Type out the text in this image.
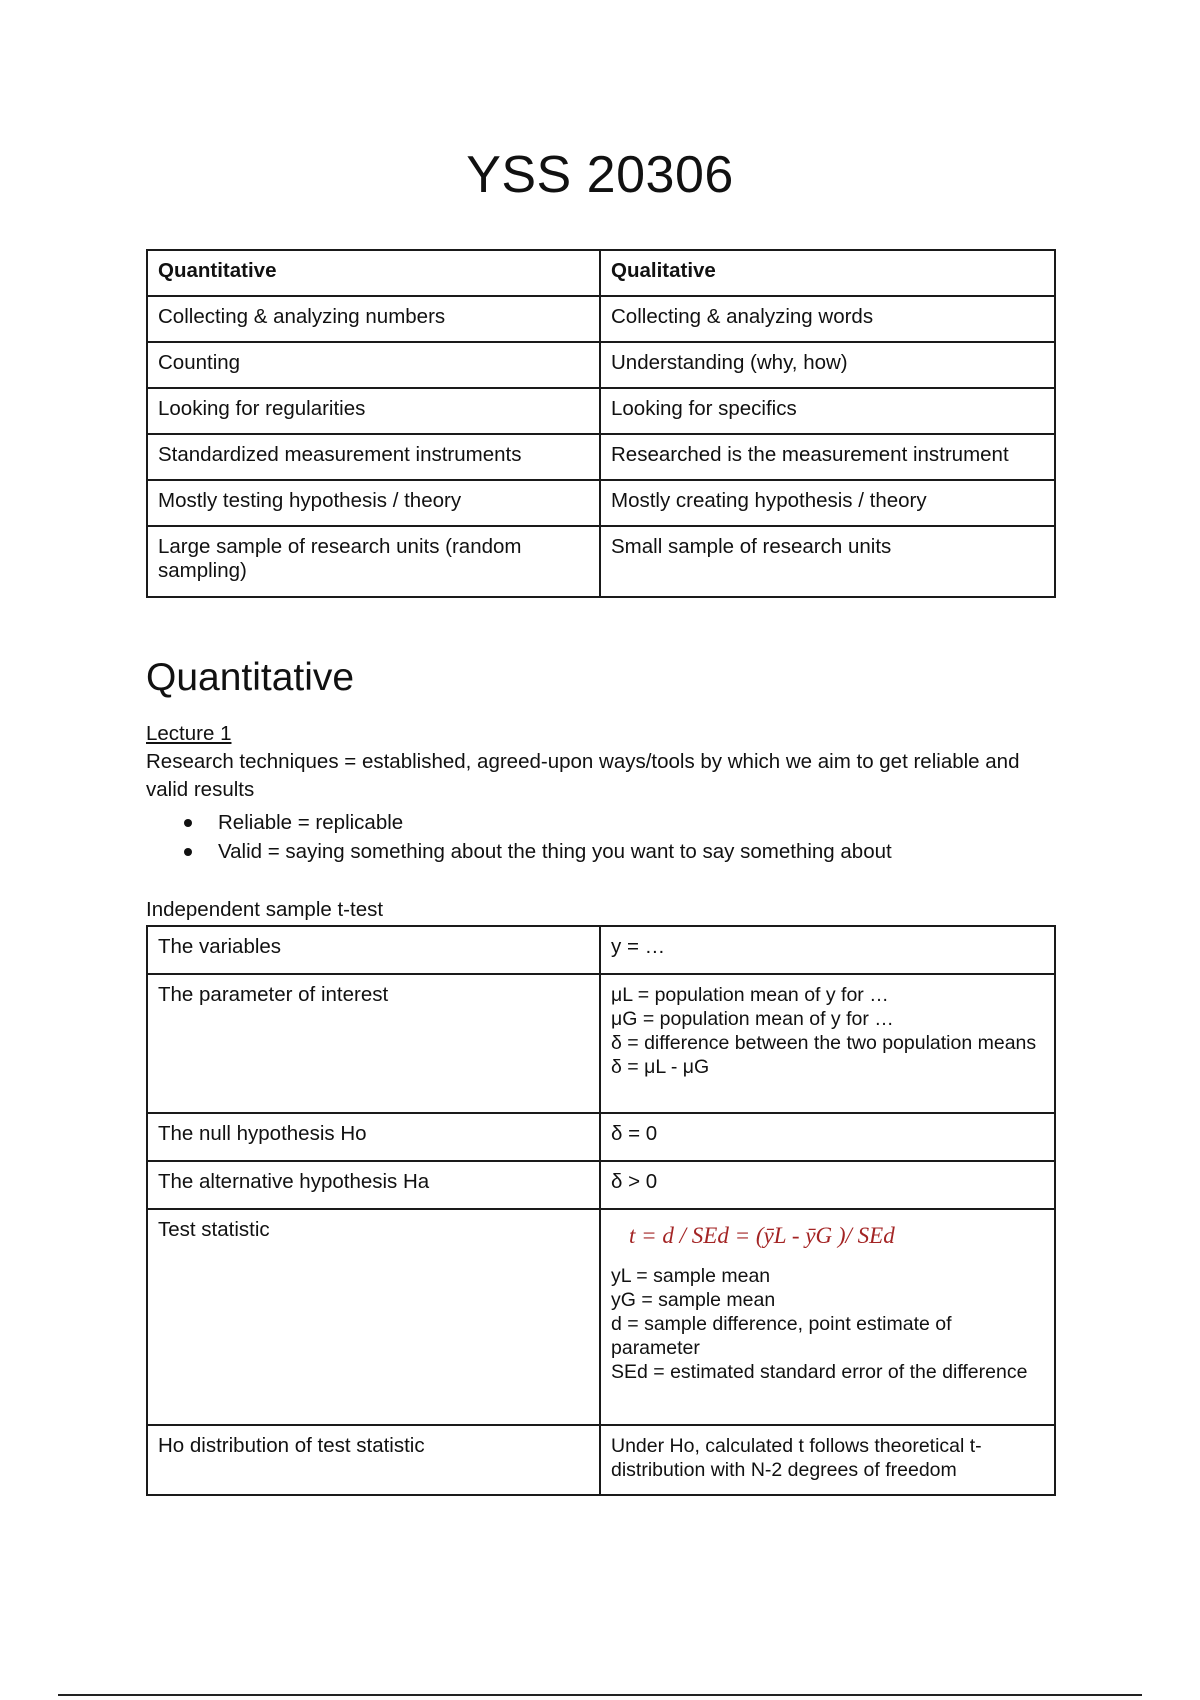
YSS 20306
Quantitative	Qualitative
Collecting & analyzing numbers	Collecting & analyzing words
Counting	Understanding (why, how)
Looking for regularities	Looking for specifics
Standardized measurement instruments	Researched is the measurement instrument
Mostly testing hypothesis / theory	Mostly creating hypothesis / theory
Large sample of research units (random sampling)	Small sample of research units
Quantitative
Lecture 1
Research techniques = established, agreed-upon ways/tools by which we aim to get reliable and valid results
Reliable = replicable
Valid = saying something about the thing you want to say something about
Independent sample t-test
The variables	y = …
The parameter of interest	μL = population mean of y for …
μG = population mean of y for …
δ = difference between the two population means
δ = μL - μG

The null hypothesis Ho	δ = 0
The alternative hypothesis Ha	δ > 0
Test statistic	t = d / SEd = (ȳL - ȳG )/ SEd
yL = sample mean
yG = sample mean
d = sample difference, point estimate of parameter
SEd = estimated standard error of the difference

Ho distribution of test statistic	Under Ho, calculated t follows theoretical t-distribution with N-2 degrees of freedom
